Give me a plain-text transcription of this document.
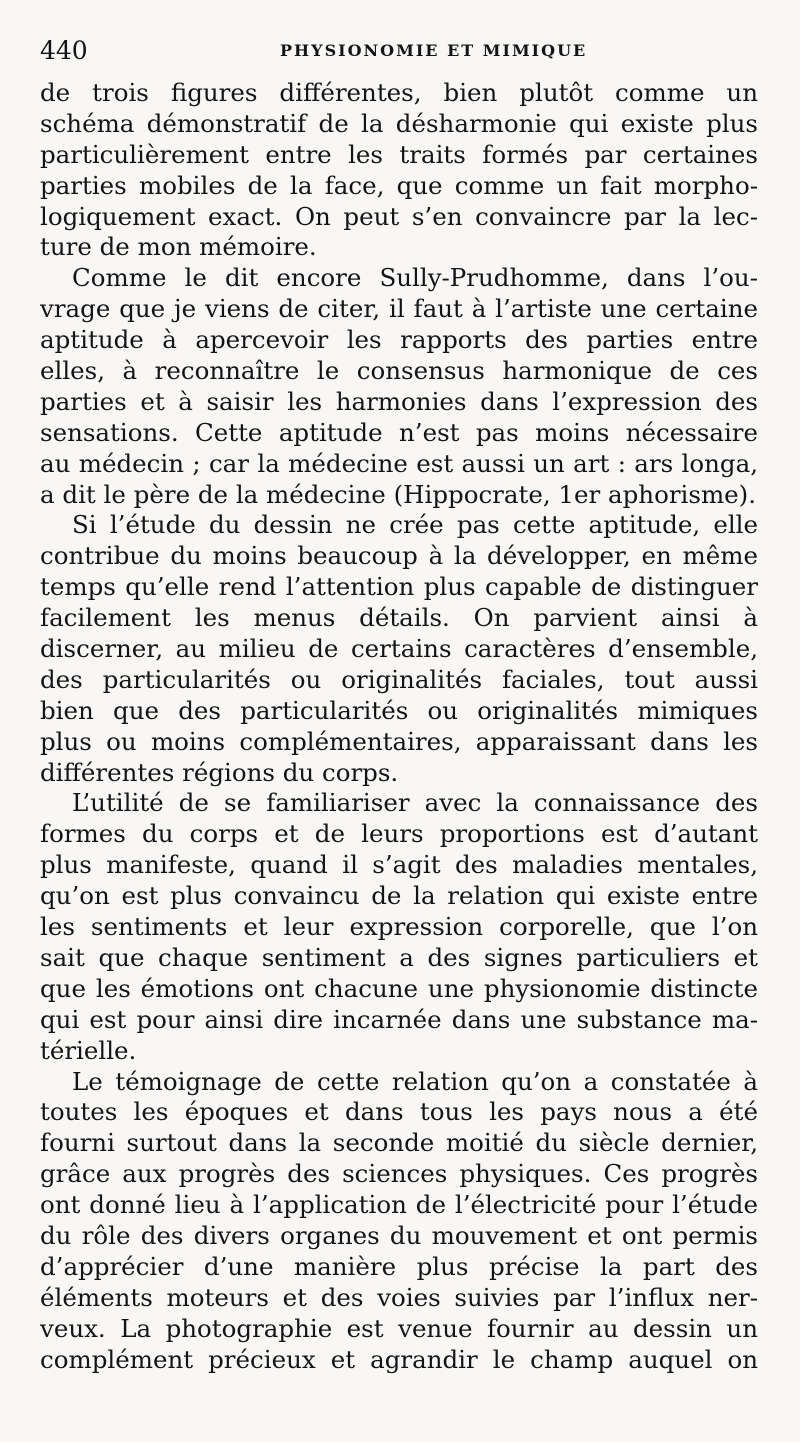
440	PHYSIONOMIE ET MIMIQUE
de trois figures différentes, bien plutôt comme un
schéma démonstratif de la désharmonie qui existe plus
particulièrement entre les traits formés par certaines
parties mobiles de la face, que comme un fait morpho-
logiquement exact. On peut s’en convaincre par la lec-
ture de mon mémoire.
Comme le dit encore Sully-Prudhomme, dans l’ou-
vrage que je viens de citer, il faut à l’artiste une certaine
aptitude à apercevoir les rapports des parties entre
elles, à reconnaître le consensus harmonique de ces
parties et à saisir les harmonies dans l’expression des
sensations. Cette aptitude n’est pas moins nécessaire
au médecin ; car la médecine est aussi un art : ars longa,
a dit le père de la médecine (Hippocrate, 1er aphorisme).
Si l’étude du dessin ne crée pas cette aptitude, elle
contribue du moins beaucoup à la développer, en même
temps qu’elle rend l’attention plus capable de distinguer
facilement les menus détails. On parvient ainsi à
discerner, au milieu de certains caractères d’ensemble,
des particularités ou originalités faciales, tout aussi
bien que des particularités ou originalités mimiques
plus ou moins complémentaires, apparaissant dans les
différentes régions du corps.
L’utilité de se familiariser avec la connaissance des
formes du corps et de leurs proportions est d’autant
plus manifeste, quand il s’agit des maladies mentales,
qu’on est plus convaincu de la relation qui existe entre
les sentiments et leur expression corporelle, que l’on
sait que chaque sentiment a des signes particuliers et
que les émotions ont chacune une physionomie distincte
qui est pour ainsi dire incarnée dans une substance ma-
térielle.
Le témoignage de cette relation qu’on a constatée à
toutes les époques et dans tous les pays nous a été
fourni surtout dans la seconde moitié du siècle dernier,
grâce aux progrès des sciences physiques. Ces progrès
ont donné lieu à l’application de l’électricité pour l’étude
du rôle des divers organes du mouvement et ont permis
d’apprécier d’une manière plus précise la part des
éléments moteurs et des voies suivies par l’influx ner-
veux. La photographie est venue fournir au dessin un
complément précieux et agrandir le champ auquel on
